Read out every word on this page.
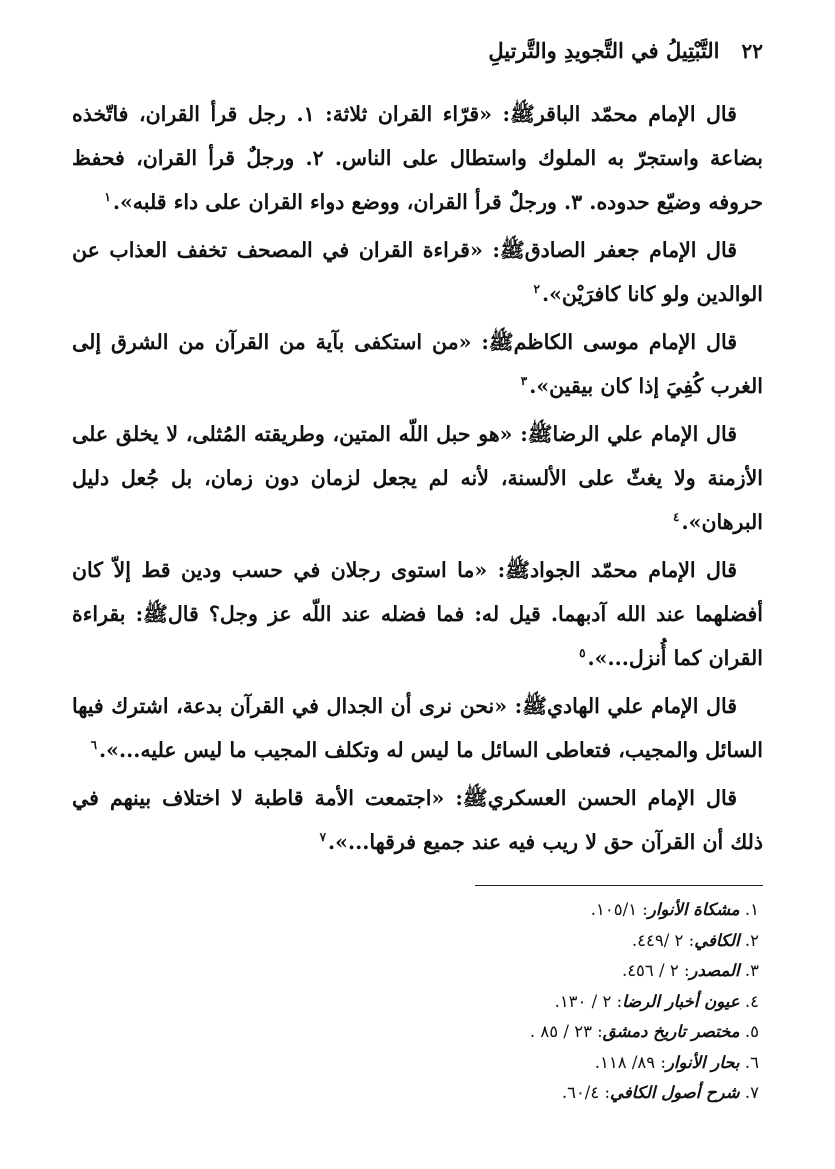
٢٢
التَّبْتِيلُ في التَّجويدِ والتَّرتيلِ

قال الإمام محمّد الباقرﷺ: «قرّاء القران ثلاثة: ١. رجل قرأ القران، فاتّخذه بضاعة واستجرّ به الملوك واستطال على الناس. ٢. ورجلٌ قرأ القران، فحفظ حروفه وضيّع حدوده. ٣. ورجلٌ قرأ القران، ووضع دواء القران على داء قلبه».$^١$

قال الإمام جعفر الصادقﷺ: «قراءة القران في المصحف تخفف العذاب عن الوالدين ولو كانا كافرَيْن».$^٢$

قال الإمام موسى الكاظمﷺ: «من استكفى بآية من القرآن من الشرق إلى الغرب كُفِيَ إذا كان بيقين».$^٣$

قال الإمام علي الرضاﷺ: «هو حبل اللّه المتين، وطريقته المُثلى، لا يخلق على الأزمنة ولا يغثّ على الألسنة، لأنه لم يجعل لزمان دون زمان، بل جُعل دليل البرهان».$^٤$

قال الإمام محمّد الجوادﷺ: «ما استوى رجلان في حسب ودين قط إلاّ كان أفضلهما عند الله آدبهما. قيل له: فما فضله عند اللّه عز وجل؟ قالﷺ: بقراءة القران كما أُنزل...».$^٥$

قال الإمام علي الهاديﷺ: «نحن نرى أن الجدال في القرآن بدعة، اشترك فيها السائل والمجيب، فتعاطى السائل ما ليس له وتكلف المجيب ما ليس عليه...».$^٦$

قال الإمام الحسن العسكريﷺ: «اجتمعت الأمة قاطبة لا اختلاف بينهم في ذلك أن القرآن حق لا ريب فيه عند جميع فرقها...».$^٧$

١. مشكاة الأنوار: ١٠٥/١.
٢. الكافي: ٢ /٤٤٩.
٣. المصدر: ٢ / ٤٥٦.
٤. عيون أخبار الرضا: ٢ / ١٣٠.
٥. مختصر تاريخ دمشق: ٢٣ / ٨٥ .
٦. بحار الأنوار: ٨٩/ ١١٨.
٧. شرح أصول الكافي: ٦٠/٤.
